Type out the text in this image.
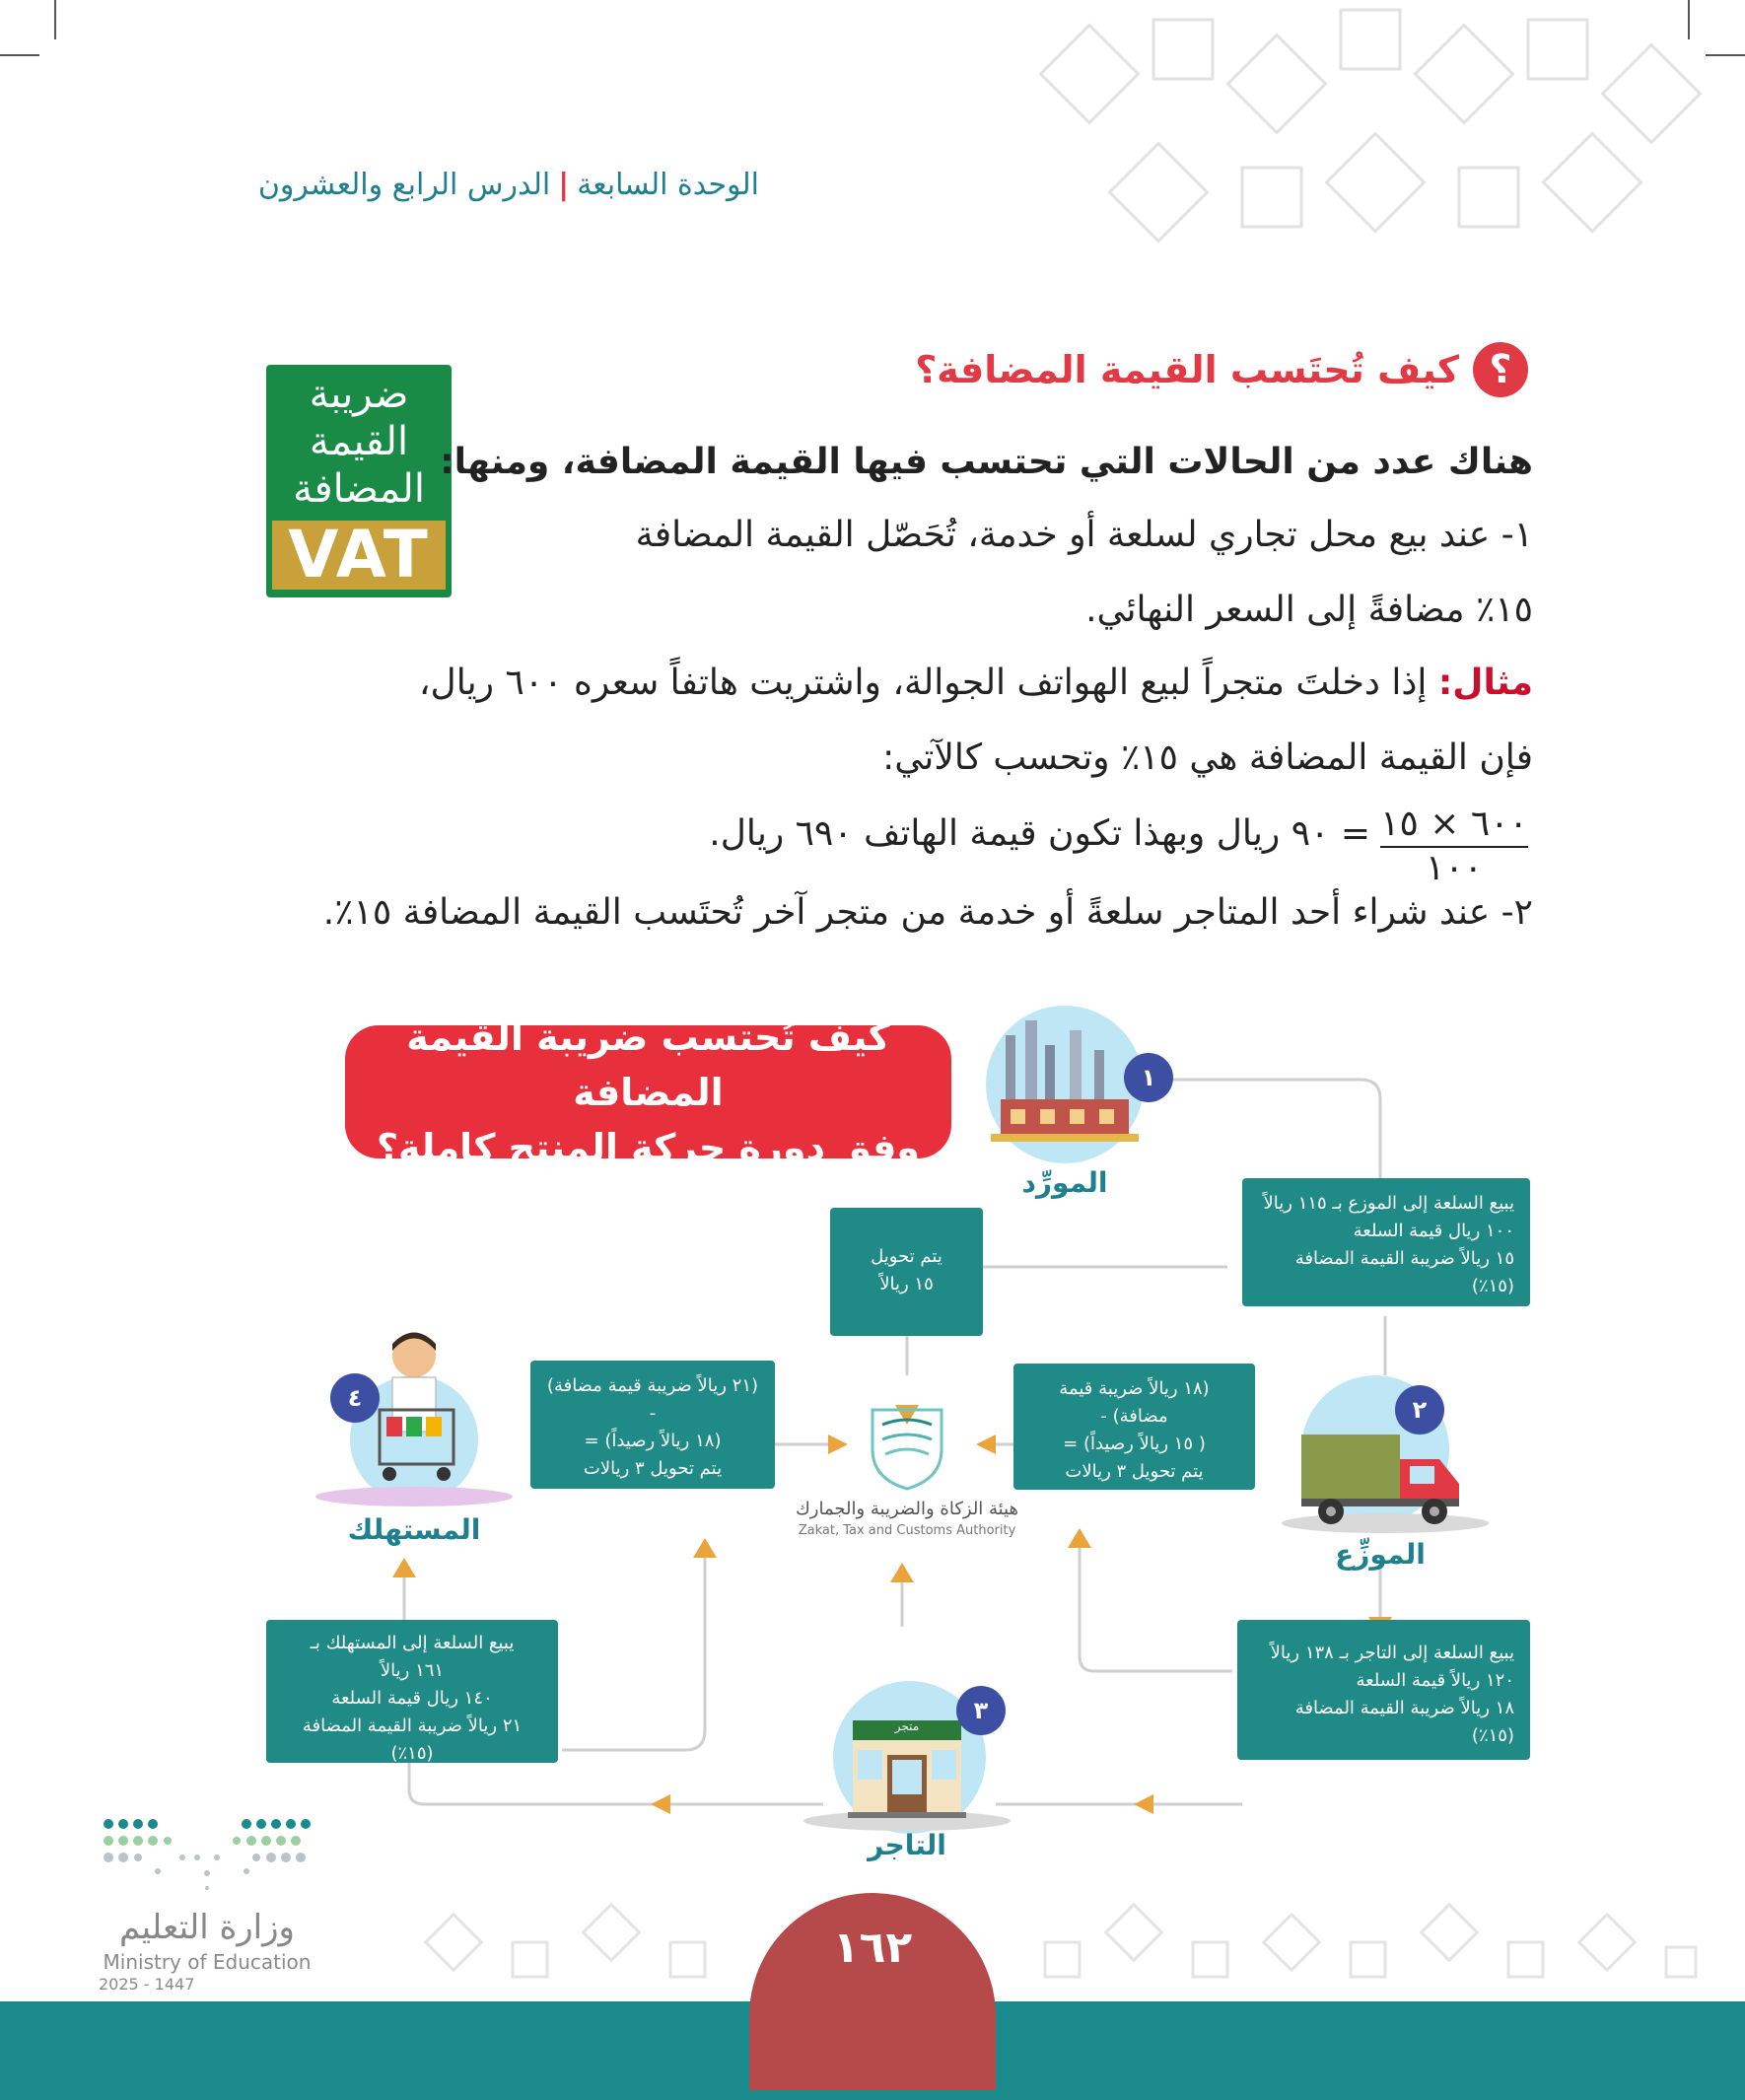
الوحدة السابعة|الدرس الرابع والعشرون
؟
كيف تُحتَسب القيمة المضافة؟
ضريبة
القيمة
المضافة
VAT
هناك عدد من الحالات التي تحتسب فيها القيمة المضافة، ومنها:
١- عند بيع محل تجاري لسلعة أو خدمة، تُحَصّل القيمة المضافة
١٥٪ مضافةً إلى السعر النهائي.
مثال: إذا دخلتَ متجراً لبيع الهواتف الجوالة، واشتريت هاتفاً سعره ٦٠٠ ريال،
فإن القيمة المضافة هي ١٥٪ وتحسب كالآتي:
٦٠٠ × ١٥
١٠٠
= ٩٠ ريال وبهذا تكون قيمة الهاتف ٦٩٠ ريال.
٢- عند شراء أحد المتاجر سلعةً أو خدمة من متجر آخر تُحتَسب القيمة المضافة ١٥٪.
كيف تُحتسب ضريبة القيمة المضافة
وفق دورة حركة المنتج كاملة؟
١
المورِّد
يبيع السلعة إلى الموزع بـ ١١٥ ريالاً
١٠٠ ريال قيمة السلعة
١٥ ريالاً ضريبة القيمة المضافة (١٥٪)
يتم تحويل
١٥ ريالاً
٤
المستهلك
(٢١ ريالاً ضريبة قيمة مضافة) -
(١٨ ريالاً رصيداً) =
يتم تحويل ٣ ريالات
هيئة الزكاة والضريبة والجمارك
Zakat, Tax and Customs Authority
(١٨ ريالاً ضريبة قيمة مضافة) -
( ١٥ ريالاً رصيداً) =
يتم تحويل ٣ ريالات
٢
الموزِّع
يبيع السلعة إلى المستهلك بـ
١٦١ ريالاً
١٤٠ ريال قيمة السلعة
٢١ ريالاً ضريبة القيمة المضافة (١٥٪)
يبيع السلعة إلى التاجر بـ ١٣٨ ريالاً
١٢٠ ريالاً قيمة السلعة
١٨ ريالاً ضريبة القيمة المضافة (١٥٪)
متجر
٣
التاجر
١٦٢
وزارة التعليم
Ministry of Education
2025 - 1447
